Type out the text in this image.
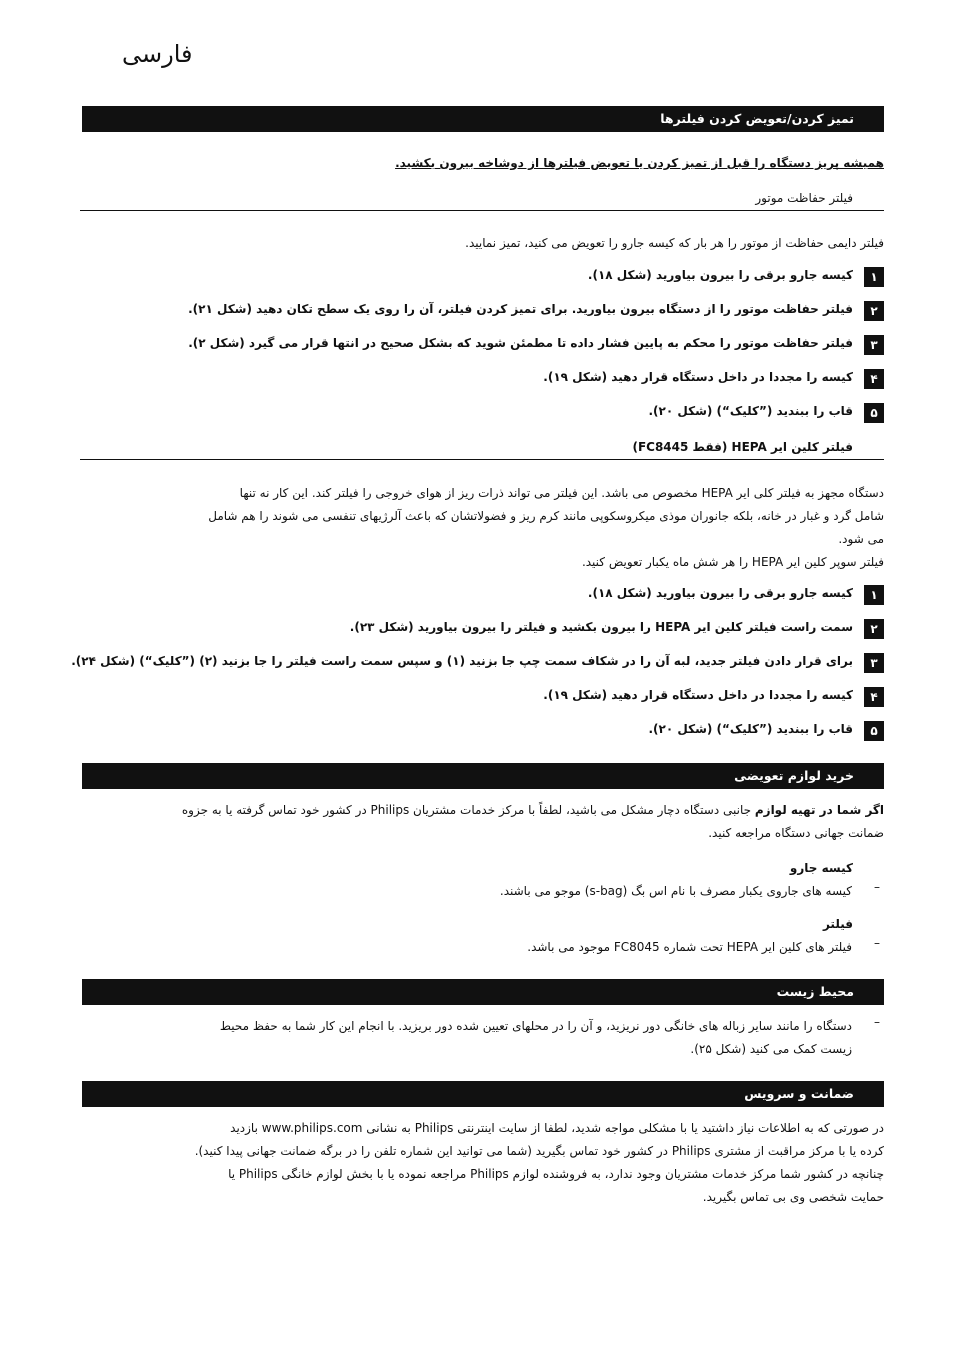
فارسی
تمیز کردن/تعویض کردن فیلترها
همیشه پریز دستگاه را قبل از تمیز کردن یا تعویض فیلترها از دوشاخه بیرون بکشید.
فیلتر حفاظت موتور
فیلتر دایمی حفاظت از موتور را هر بار که کیسه جارو را تعویض می کنید، تمیز نمایید.
١
کیسه جارو برقی را بیرون بیاورید (شکل ۱۸).
٢
فیلتر حفاظت موتور را از دستگاه بیرون بیاورید. برای تمیز کردن فیلتر، آن را روی یک سطح تکان دهید (شکل ۲۱).
٣
فیلتر حفاظت موتور را محکم به پایین فشار داده تا مطمئن شوید که بشکل صحیح در انتها قرار می گیرد (شکل ۲).
۴
کیسه را مجددا در داخل دستگاه قرار دهید (شکل ۱۹).
۵
قاب را ببندید (”کلیک“) (شکل ۲۰).
فیلتر کلین ایر HEPA (فقط FC8445)
دستگاه مجهز به فیلتر کلی ایر HEPA مخصوص می باشد. این فیلتر می تواند ذرات ریز از هوای خروجی را فیلتر کند. این کار نه تنها
شامل گرد و غبار در خانه، بلکه جانوران موذی میکروسکوپی مانند کرم ریز و فضولاتشان که باعث آلرژیهای تنفسی می شوند را هم شامل
می شود.
فیلتر سوپر کلین ایر HEPA را هر شش ماه یکبار تعویض کنید.
١
کیسه جارو برقی را بیرون بیاورید (شکل ۱۸).
٢
سمت راست فیلتر کلین ایر HEPA را بیرون بکشید و فیلتر را بیرون بیاورید (شکل ۲۳).
٣
برای قرار دادن فیلتر جدید، لبه آن را در شکاف سمت چپ جا بزنید (۱) و سپس سمت راست فیلتر را جا بزنید (۲) (”کلیک“) (شکل ۲۴).
۴
کیسه را مجددا در داخل دستگاه قرار دهید (شکل ۱۹).
۵
قاب را ببندید (”کلیک“) (شکل ۲۰).
خرید لوازم تعویضی
اگر شما در تهیه لوازم جانبی دستگاه دچار مشکل می باشید، لطفاً با مرکز خدمات مشتریان Philips در کشور خود تماس گرفته یا به جزوه
ضمانت جهانی دستگاه مراجعه کنید.
کیسه جارو
–
کیسه های جاروی یکبار مصرف با نام اس بگ (s-bag) موجو می باشند.
فیلتر
–
فیلتر های کلین ایر HEPA تحت شماره FC8045 موجود می باشد.
محیط زیست
–
دستگاه را مانند سایر زباله های خانگی دور نریزید، و آن را در محلهای تعیین شده دور بریزید. با انجام این کار شما به حفظ محیط
زیست کمک می کنید (شکل ۲۵).
ضمانت و سرویس
در صورتی که به اطلاعات نیاز داشتید یا با مشکلی مواجه شدید، لطفا از سایت اینترنتی Philips به نشانی www.philips.com بازدید
کرده یا با مرکز مراقبت از مشتری Philips در کشور خود تماس بگیرید (شما می توانید این شماره تلفن را در برگه ضمانت جهانی پیدا کنید).
چنانچه در کشور شما مرکز خدمات مشتریان وجود ندارد، به فروشنده لوازم Philips مراجعه نموده یا با بخش لوازم خانگی Philips یا
حمایت شخصی وی بی تماس بگیرید.
